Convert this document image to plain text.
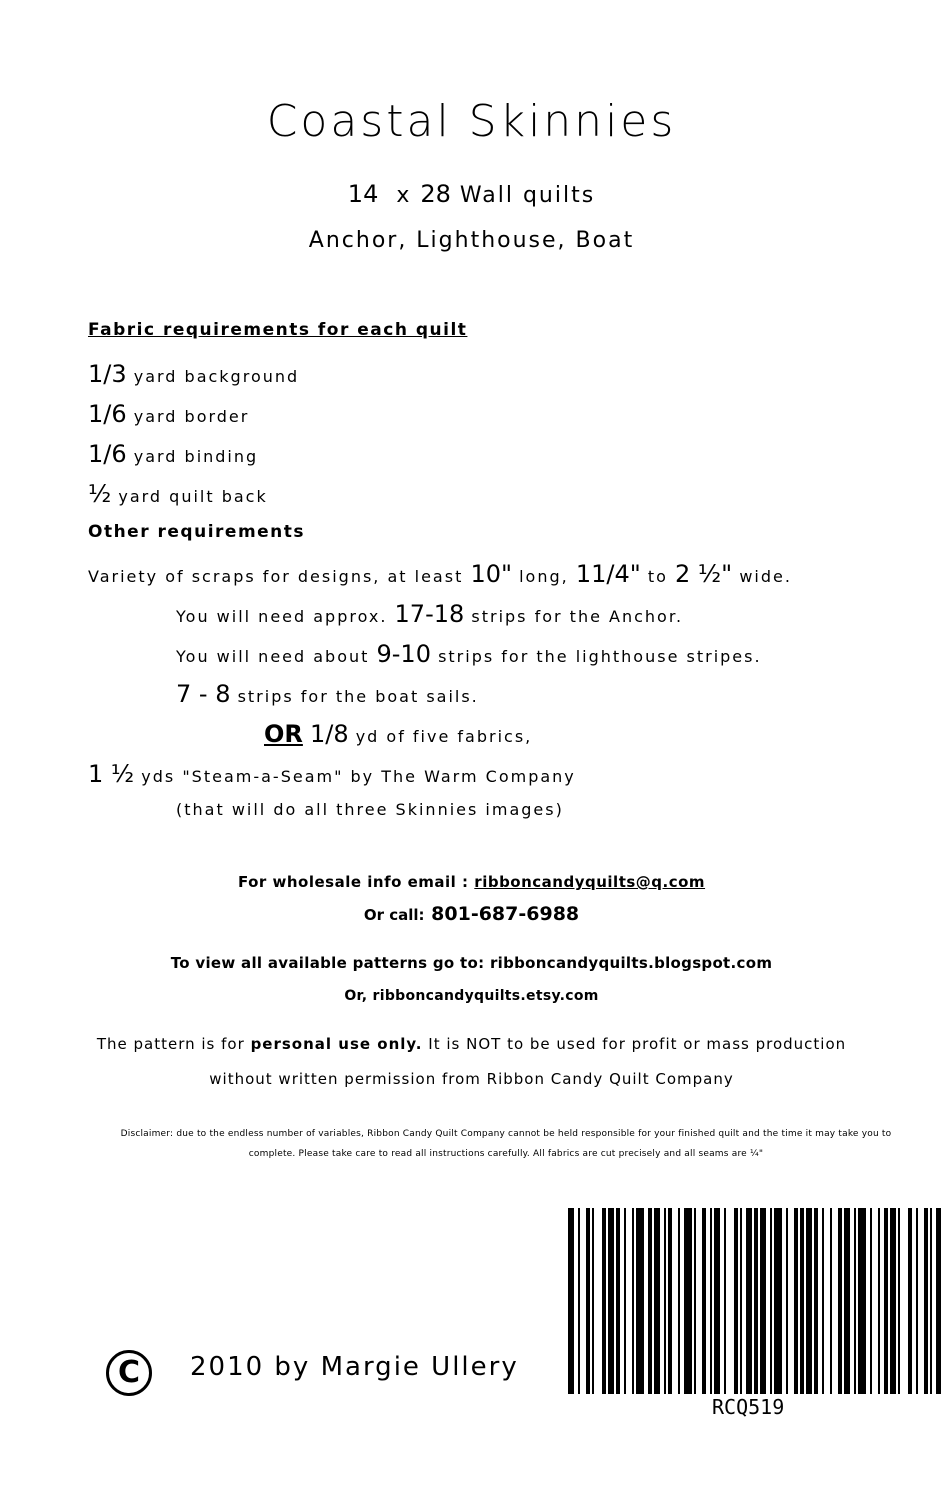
Coastal Skinnies
14 x 28 Wall quilts
Anchor, Lighthouse, Boat
Fabric requirements for each quilt
1/3 yard background
1/6 yard border
1/6 yard binding
½ yard quilt back
Other requirements
Variety of scraps for designs, at least 10" long, 11/4" to 2 ½" wide.
You will need approx. 17-18 strips for the Anchor.
You will need about 9-10 strips for the lighthouse stripes.
7 - 8 strips for the boat sails.
OR 1/8 yd of five fabrics,
1 ½ yds "Steam-a-Seam" by The Warm Company
(that will do all three Skinnies images)
For wholesale info email : ribboncandyquilts@q.com
Or call: 801-687-6988
To view all available patterns go to: ribboncandyquilts.blogspot.com
Or, ribboncandyquilts.etsy.com
The pattern is for personal use only. It is NOT to be used for profit or mass production
without written permission from Ribbon Candy Quilt Company
Disclaimer: due to the endless number of variables, Ribbon Candy Quilt Company cannot be held responsible for your finished quilt and the time it may take you to complete. Please take care to read all instructions carefully. All fabrics are cut precisely and all seams are ¼"
C	2010 by Margie Ullery
RCQ519
